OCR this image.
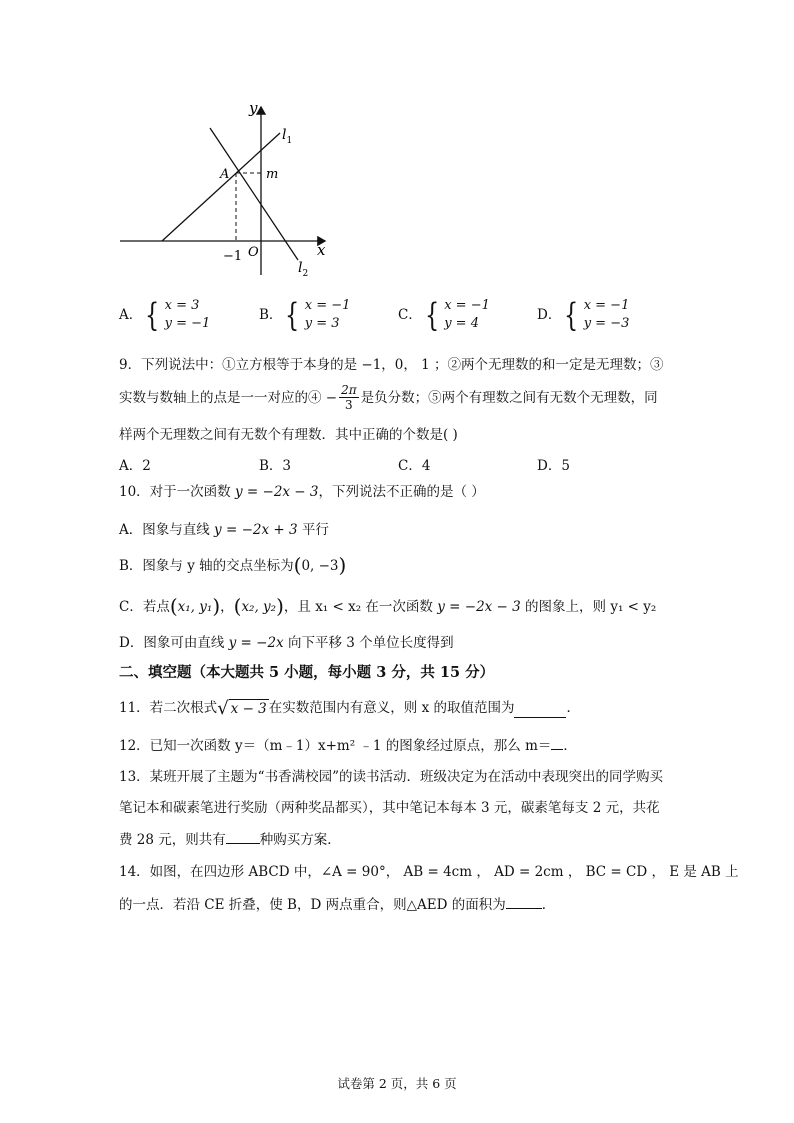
y
x
O
A	m
−1
$l_1$
$l_2$
A． { x = 3
y = −1
B． { x = −1
y = 3
C． { x = −1
y = 4
D． { x = −1
y = −3
9．下列说法中：①立方根等于本身的是 −1，0， 1 ；②两个无理数的和一定是无理数；③
实数与数轴上的点是一一对应的④ − $\frac{2\pi}{3}$ 是负分数；⑤两个有理数之间有无数个无理数，同
样两个无理数之间有无数个有理数．其中正确的个数是( )
A．2	B．3	C．4	D．5
10．对于一次函数 y = −2x − 3，下列说法不正确的是（ ）
A．图象与直线 y = −2x + 3 平行
B．图象与 y 轴的交点坐标为(0, −3)
C．若点(x₁, y₁)，(x₂, y₂)，且 x₁ < x₂ 在一次函数 y = −2x − 3 的图象上，则 y₁ < y₂
D．图象可由直线 y = −2x 向下平移 3 个单位长度得到
二、填空题（本大题共 5 小题，每小题 3 分，共 15 分）
11．若二次根式 √ x − 3 在实数范围内有意义，则 x 的取值范围为	．
12．已知一次函数 y＝（m﹣1）x+m² ﹣1 的图象经过原点，那么 m＝ ．
13．某班开展了主题为“书香满校园”的读书活动．班级决定为在活动中表现突出的同学购买
笔记本和碳素笔进行奖励（两种奖品都买），其中笔记本每本 3 元，碳素笔每支 2 元，共花
费 28 元，则共有	种购买方案．
14．如图，在四边形 ABCD 中，∠A = 90°， AB = 4cm ， AD = 2cm ， BC = CD ， E 是 AB 上
的一点．若沿 CE 折叠，使 B，D 两点重合，则△AED 的面积为	．
试卷第 2 页，共 6 页
